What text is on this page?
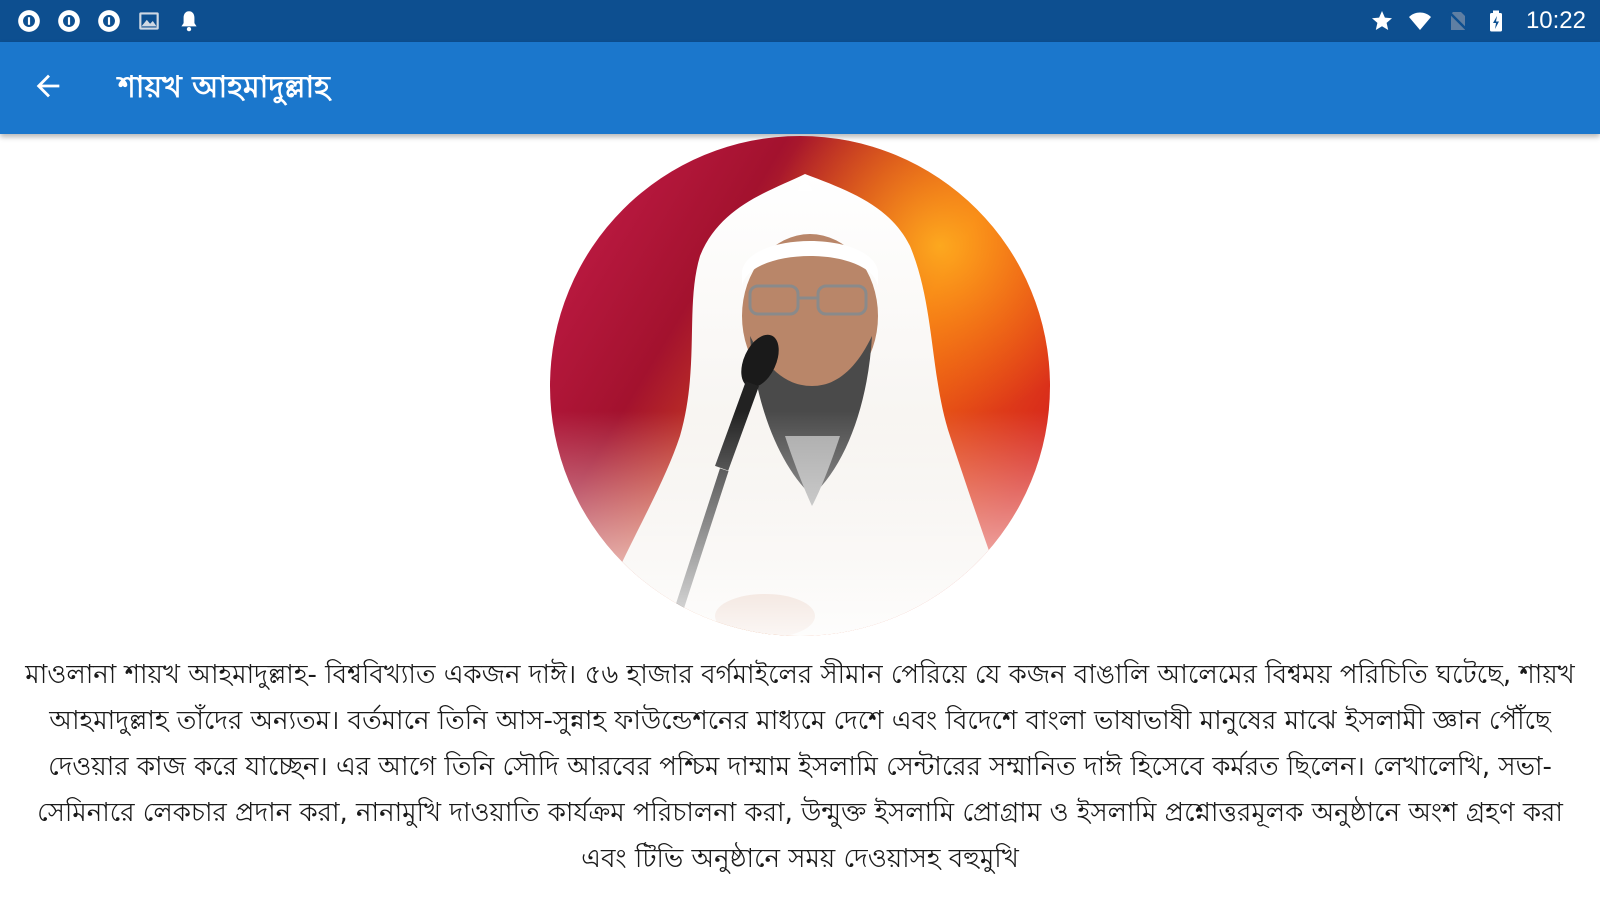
10:22
শায়খ আহমাদুল্লাহ
মাওলানা শায়খ আহমাদুল্লাহ- বিশ্ববিখ্যাত একজন দাঈ। ৫৬ হাজার বর্গমাইলের সীমান পেরিয়ে যে কজন বাঙালি আলেমের বিশ্বময় পরিচিতি ঘটেছে, শায়খ আহমাদুল্লাহ তাঁদের অন্যতম। বর্তমানে তিনি আস-সুন্নাহ ফাউন্ডেশনের মাধ্যমে দেশে এবং বিদেশে বাংলা ভাষাভাষী মানুষের মাঝে ইসলামী জ্ঞান পৌঁছে দেওয়ার কাজ করে যাচ্ছেন। এর আগে তিনি সৌদি আরবের পশ্চিম দাম্মাম ইসলামি সেন্টারের সম্মানিত দাঈ হিসেবে কর্মরত ছিলেন। লেখালেখি, সভা-সেমিনারে লেকচার প্রদান করা, নানামুখি দাওয়াতি কার্যক্রম পরিচালনা করা, উন্মুক্ত ইসলামি প্রোগ্রাম ও ইসলামি প্রশ্নোত্তরমূলক অনুষ্ঠানে অংশ গ্রহণ করা এবং টিভি অনুষ্ঠানে সময় দেওয়াসহ বহুমুখি
